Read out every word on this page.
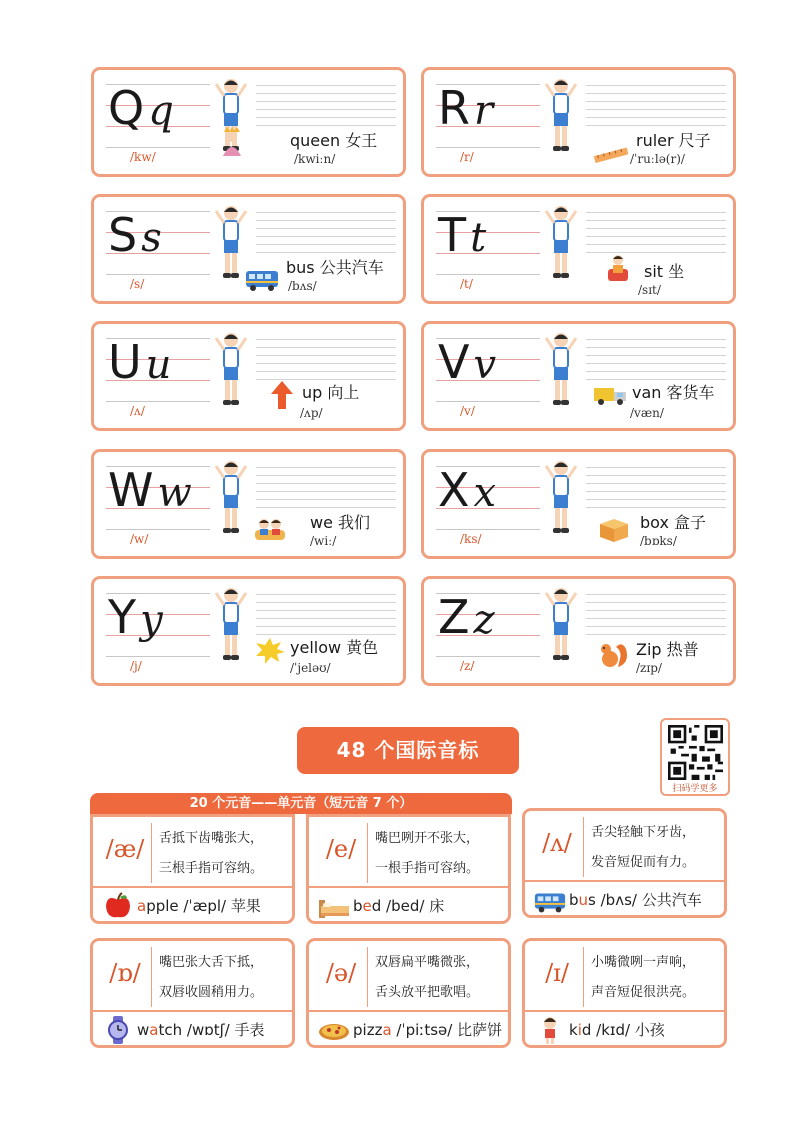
Qq
/kw/
queen 女王
/kwiːn/
Rr
/r/
ruler 尺子
/ˈruːlə(r)/
Ss
/s/
bus 公共汽车
/bʌs/
Tt
/t/
sit 坐
/sɪt/
Uu
/ʌ/
up 向上
/ʌp/
Vv
/v/
van 客货车
/væn/
Ww
/w/
we 我们
/wiː/
Xx
/ks/
box 盒子
/bɒks/
Yy
/j/
yellow 黄色
/ˈjeləʊ/
Zz
/z/
Zip 热普
/zɪp/
48 个国际音标
扫码学更多
20 个元音——单元音（短元音 7 个）
/æ/	舌抵下齿嘴张大，
三根手指可容纳。
apple /ˈæpl/ 苹果
/e/	嘴巴咧开不张大，
一根手指可容纳。
bed /bed/ 床
/ʌ/	舌尖轻触下牙齿，
发音短促而有力。
bus /bʌs/ 公共汽车
/ɒ/	嘴巴张大舌下抵，
双唇收圆稍用力。
watch /wɒtʃ/ 手表
/ə/	双唇扁平嘴微张，
舌头放平把歌唱。
pizza /ˈpiːtsə/ 比萨饼
/ɪ/	小嘴微咧一声响，
声音短促很洪亮。
kid /kɪd/ 小孩
